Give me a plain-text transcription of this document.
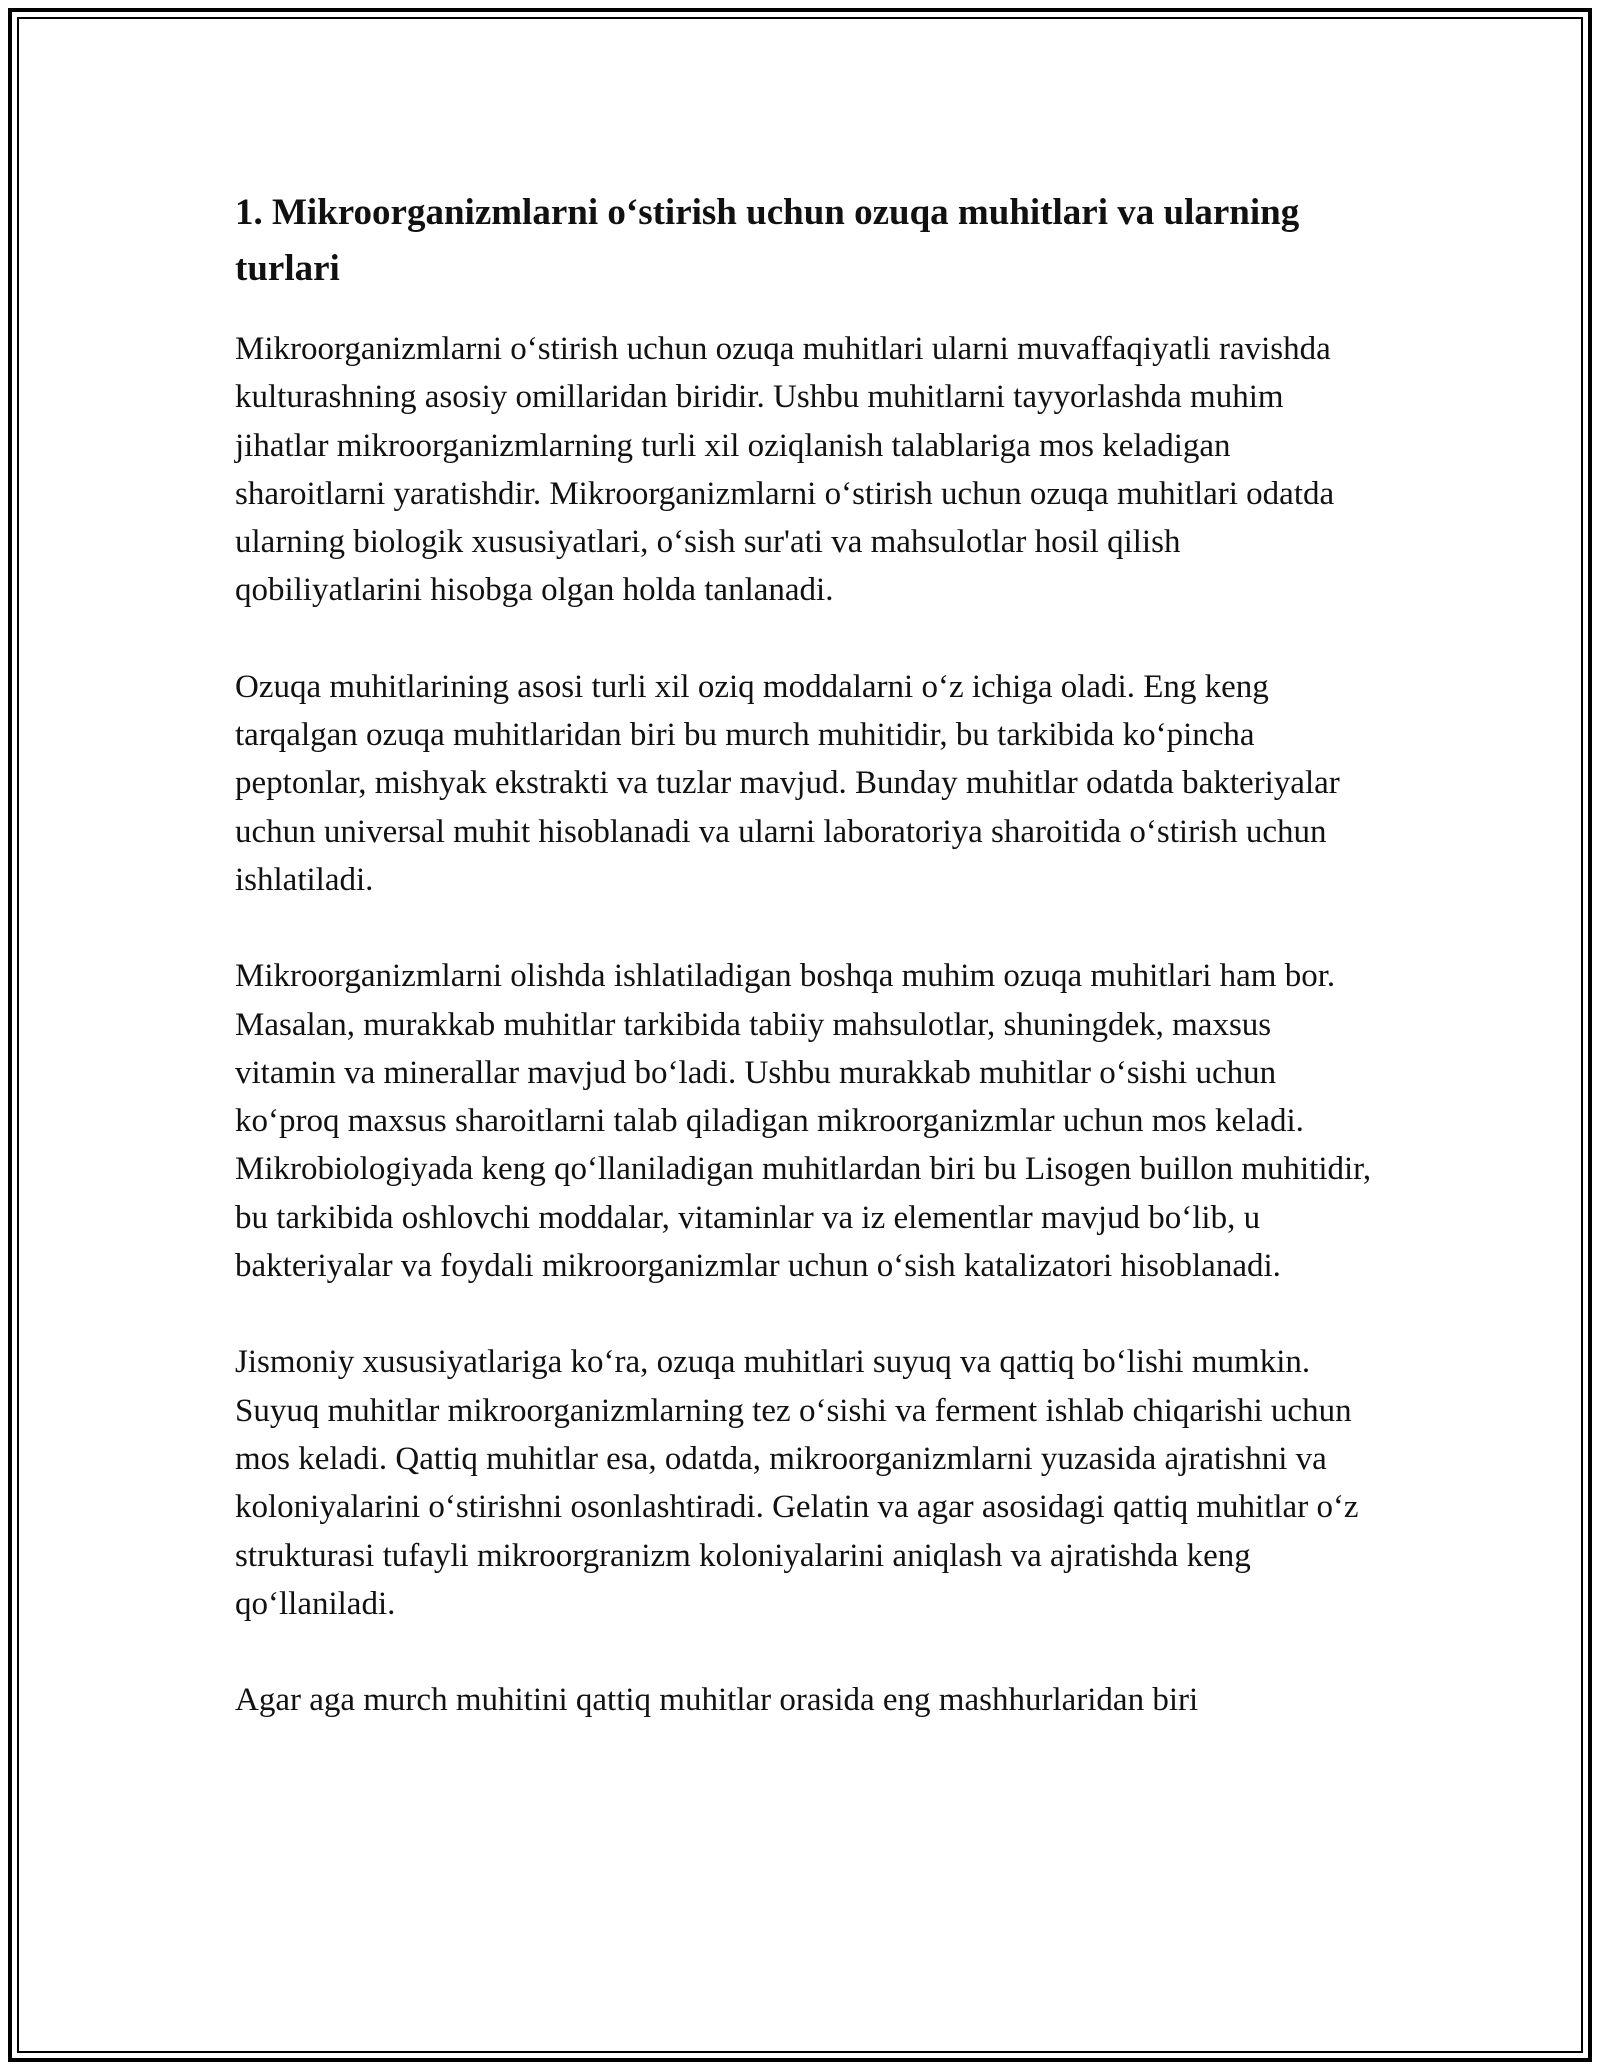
1. Mikroorganizmlarni o‘stirish uchun ozuqa muhitlari va ularning turlari

Mikroorganizmlarni o‘stirish uchun ozuqa muhitlari ularni muvaffaqiyatli ravishda kulturashning asosiy omillaridan biridir. Ushbu muhitlarni tayyorlashda muhim jihatlar mikroorganizmlarning turli xil oziqlanish talablariga mos keladigan sharoitlarni yaratishdir. Mikroorganizmlarni o‘stirish uchun ozuqa muhitlari odatda ularning biologik xususiyatlari, o‘sish sur'ati va mahsulotlar hosil qilish qobiliyatlarini hisobga olgan holda tanlanadi.

Ozuqa muhitlarining asosi turli xil oziq moddalarni o‘z ichiga oladi. Eng keng tarqalgan ozuqa muhitlaridan biri bu murch muhitidir, bu tarkibida ko‘pincha peptonlar, mishyak ekstrakti va tuzlar mavjud. Bunday muhitlar odatda bakteriyalar uchun universal muhit hisoblanadi va ularni laboratoriya sharoitida o‘stirish uchun ishlatiladi.

Mikroorganizmlarni olishda ishlatiladigan boshqa muhim ozuqa muhitlari ham bor. Masalan, murakkab muhitlar tarkibida tabiiy mahsulotlar, shuningdek, maxsus vitamin va minerallar mavjud bo‘ladi. Ushbu murakkab muhitlar o‘sishi uchun ko‘proq maxsus sharoitlarni talab qiladigan mikroorganizmlar uchun mos keladi. Mikrobiologiyada keng qo‘llaniladigan muhitlardan biri bu Lisogen buillon muhitidir, bu tarkibida oshlovchi moddalar, vitaminlar va iz elementlar mavjud bo‘lib, u bakteriyalar va foydali mikroorganizmlar uchun o‘sish katalizatori hisoblanadi.

Jismoniy xususiyatlariga ko‘ra, ozuqa muhitlari suyuq va qattiq bo‘lishi mumkin. Suyuq muhitlar mikroorganizmlarning tez o‘sishi va ferment ishlab chiqarishi uchun mos keladi. Qattiq muhitlar esa, odatda, mikroorganizmlarni yuzasida ajratishni va koloniyalarini o‘stirishni osonlashtiradi. Gelatin va agar asosidagi qattiq muhitlar o‘z strukturasi tufayli mikroorgranizm koloniyalarini aniqlash va ajratishda keng qo‘llaniladi.

Agar aga murch muhitini qattiq muhitlar orasida eng mashhurlaridan biri
